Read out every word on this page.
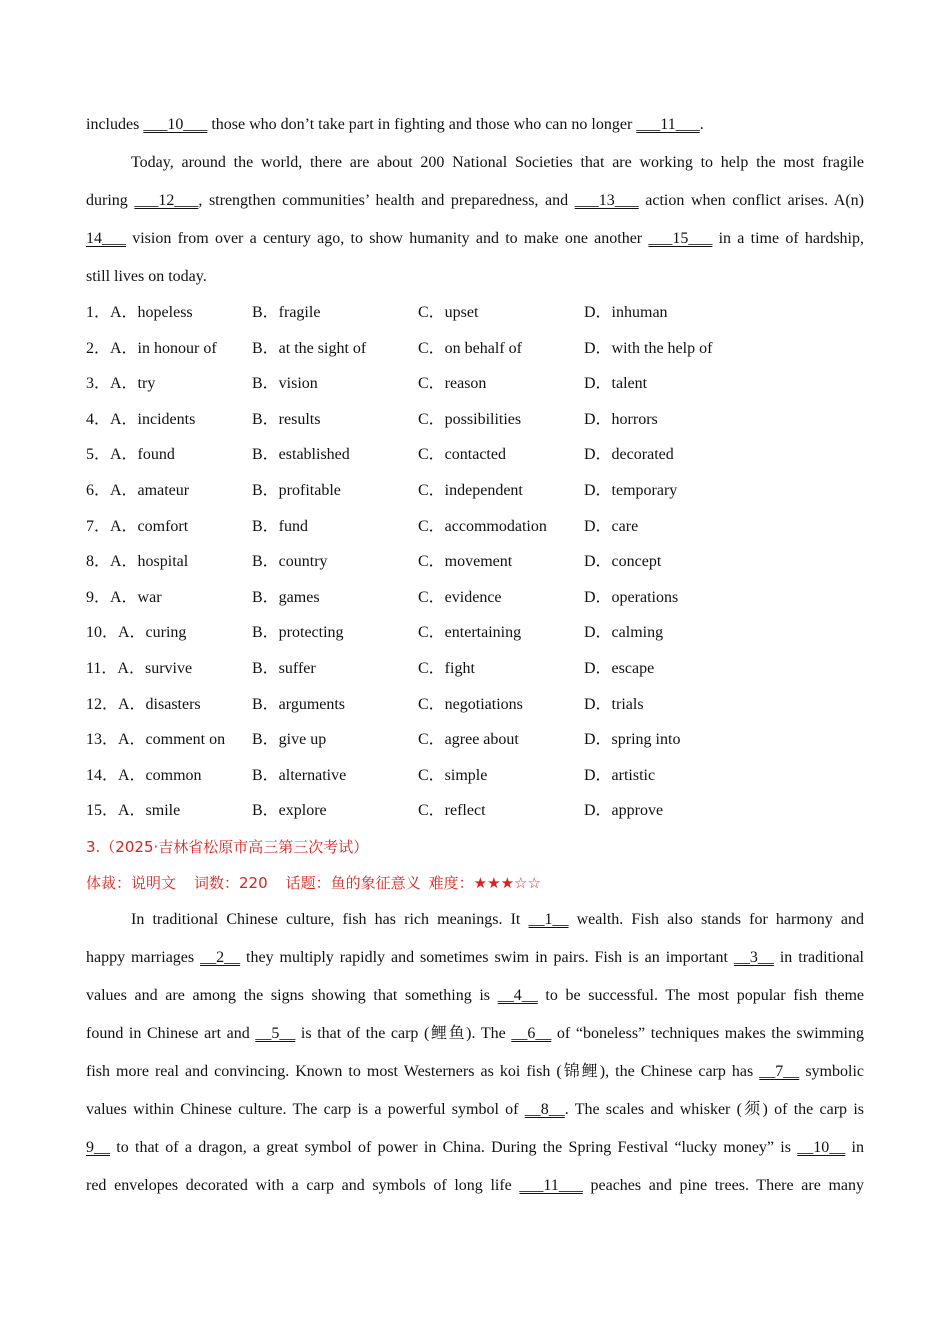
includes ___10___ those who don’t take part in fighting and those who can no longer ___11___.
Today, around the world, there are about 200 National Societies that are working to help the most fragile
during ___12___, strengthen communities’ health and preparedness, and ___13___ action when conflict arises. A(n)
14___ vision from over a century ago, to show humanity and to make one another ___15___ in a time of hardship,
still lives on today.
1．A．hopeless	B．fragile	C．upset	D．inhuman
2．A．in honour of	B．at the sight of	C．on behalf of	D．with the help of
3．A．try	B．vision	C．reason	D．talent
4．A．incidents	B．results	C．possibilities	D．horrors
5．A．found	B．established	C．contacted	D．decorated
6．A．amateur	B．profitable	C．independent	D．temporary
7．A．comfort	B．fund	C．accommodation	D．care
8．A．hospital	B．country	C．movement	D．concept
9．A．war	B．games	C．evidence	D．operations
10．A．curing	B．protecting	C．entertaining	D．calming
11．A．survive	B．suffer	C．fight	D．escape
12．A．disasters	B．arguments	C．negotiations	D．trials
13．A．comment on	B．give up	C．agree about	D．spring into
14．A．common	B．alternative	C．simple	D．artistic
15．A．smile	B．explore	C．reflect	D．approve
3.（2025·吉林省松原市高三第三次考试）
体裁：说明文 词数：220 话题：鱼的象征意义 难度：★★★☆☆
In traditional Chinese culture, fish has rich meanings. It __1__ wealth. Fish also stands for harmony and
happy marriages __2__ they multiply rapidly and sometimes swim in pairs. Fish is an important __3__ in traditional
values and are among the signs showing that something is __4__ to be successful. The most popular fish theme
found in Chinese art and __5__ is that of the carp (鲤鱼). The __6__ of “boneless” techniques makes the swimming
fish more real and convincing. Known to most Westerners as koi fish (锦鲤), the Chinese carp has __7__ symbolic
values within Chinese culture. The carp is a powerful symbol of __8__. The scales and whisker (须) of the carp is
9__ to that of a dragon, a great symbol of power in China. During the Spring Festival “lucky money” is __10__ in
red envelopes decorated with a carp and symbols of long life ___11___ peaches and pine trees. There are many
